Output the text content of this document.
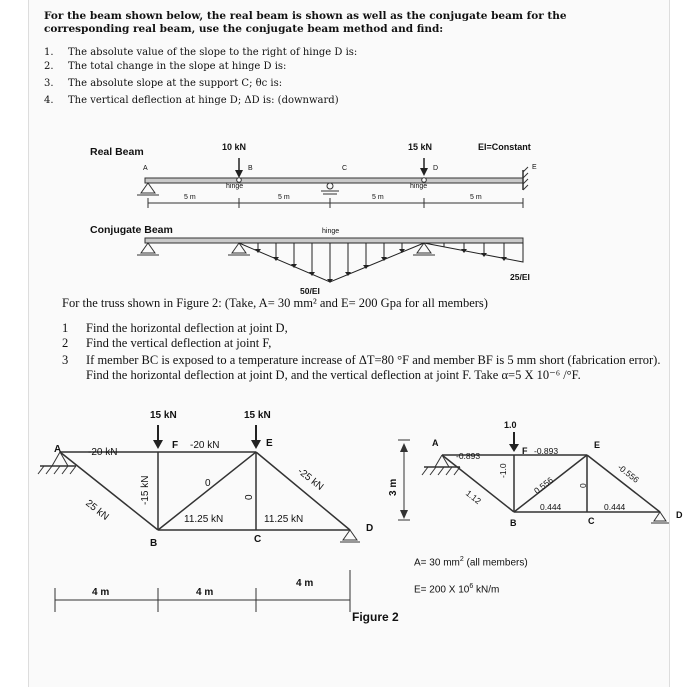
For the beam shown below, the real beam is shown as well as the conjugate beam for the corresponding real beam, use the conjugate beam method and find:
1. The absolute value of the slope to the right of hinge D is:
2. The total change in the slope at hinge D is:
3. The absolute slope at the support C; θc is:
4. The vertical deflection at hinge D; ΔD is: (downward)
Real Beam
Conjugate Beam
10 kN	15 kN	EI=Constant
A	B	C	D	E
hinge	hinge
5 m	5 m	5 m	5 m
hinge
25/EI
50/EI
For the truss shown in Figure 2: (Take, A= 30 mm² and E= 200 Gpa for all members)
1 Find the horizontal deflection at joint D,
2 Find the vertical deflection at joint F,
3 If member BC is exposed to a temperature increase of ΔT=80 °F and member BF is 5 mm short (fabrication error). Find the horizontal deflection at joint D, and the vertical deflection at joint F. Take α=5 X 10⁻⁶ /°F.
15 kN	15 kN
A	F	E
B	C
D
-20 kN
-20 kN
25 kN
-15 kN	0
0
-25 kN
11.25 kN	11.25 kN
4 m	4 m
4 m
3 m
1.0
A
F
E
B	C
D
-0.893	-0.893
1.12
-1.0
0.556	0
-0.556
0.444	0.444
A= 30 $mm^2$ (all members)
E= 200 X $10^6$ kN/m
Figure 2
